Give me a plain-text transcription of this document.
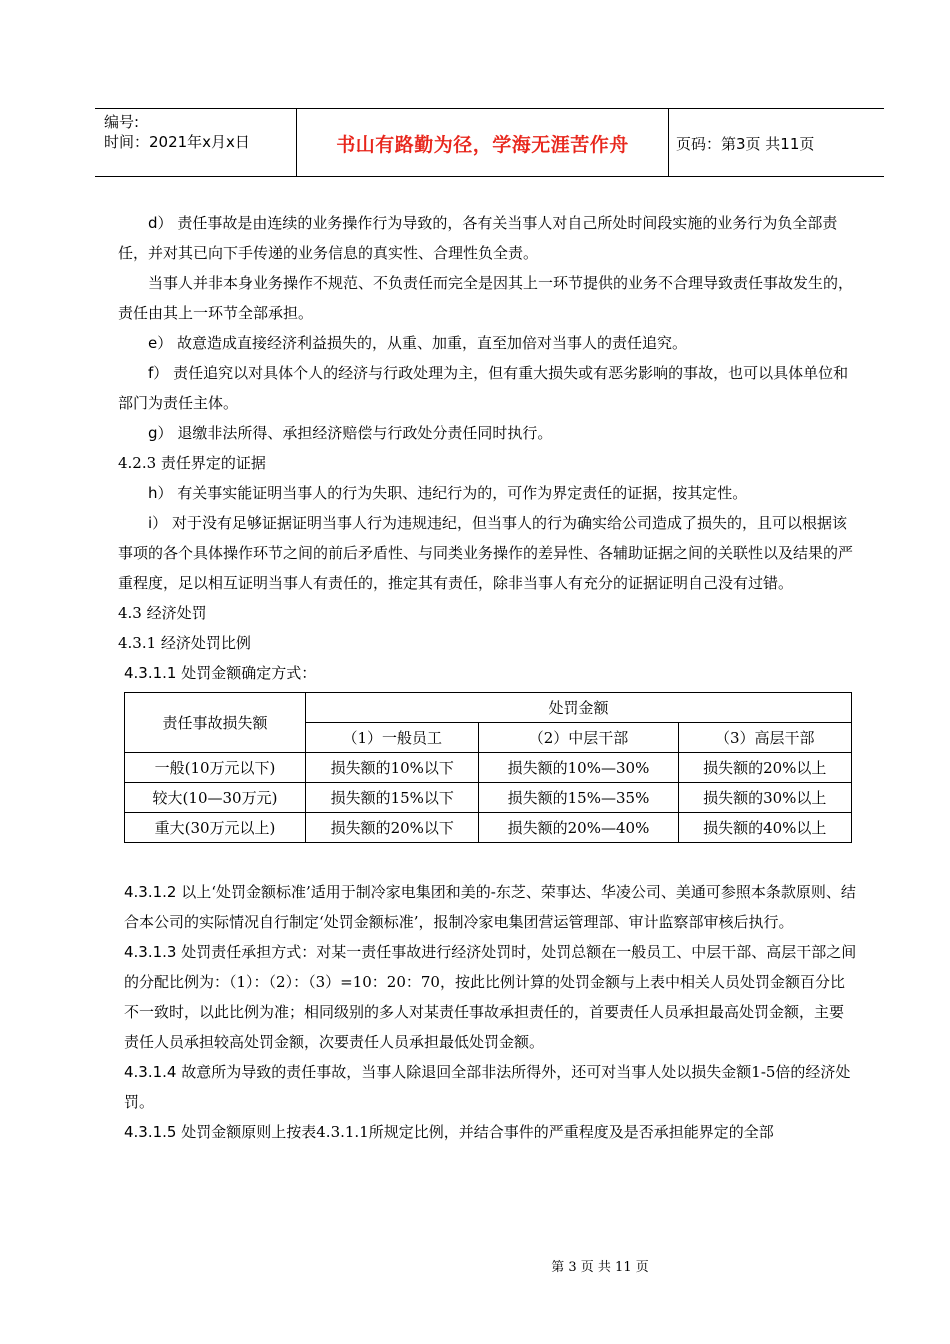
编号:
时间：2021年x月x日	书山有路勤为径，学海无涯苦作舟	页码：第3页 共11页

d） 责任事故是由连续的业务操作行为导致的，各有关当事人对自己所处时间段实施的业务行为负全部责任，并对其已向下手传递的业务信息的真实性、合理性负全责。

当事人并非本身业务操作不规范、不负责任而完全是因其上一环节提供的业务不合理导致责任事故发生的，责任由其上一环节全部承担。

e） 故意造成直接经济利益损失的，从重、加重，直至加倍对当事人的责任追究。

f） 责任追究以对具体个人的经济与行政处理为主，但有重大损失或有恶劣影响的事故，也可以具体单位和部门为责任主体。

g） 退缴非法所得、承担经济赔偿与行政处分责任同时执行。

4.2.3 责任界定的证据

h） 有关事实能证明当事人的行为失职、违纪行为的，可作为界定责任的证据，按其定性。

i） 对于没有足够证据证明当事人行为违规违纪，但当事人的行为确实给公司造成了损失的，且可以根据该事项的各个具体操作环节之间的前后矛盾性、与同类业务操作的差异性、各辅助证据之间的关联性以及结果的严重程度，足以相互证明当事人有责任的，推定其有责任，除非当事人有充分的证据证明自己没有过错。

4.3 经济处罚

4.3.1 经济处罚比例

4.3.1.1 处罚金额确定方式：

责任事故损失额	处罚金额		
	（1）一般员工	（2）中层干部	（3）高层干部
一般(10万元以下)	损失额的10%以下	损失额的10%—30%	损失额的20%以上
较大(10—30万元)	损失额的15%以下	损失额的15%—35%	损失额的30%以上
重大(30万元以上)	损失额的20%以下	损失额的20%—40%	损失额的40%以上

4.3.1.2 以上‘处罚金额标准’适用于制冷家电集团和美的-东芝、荣事达、华凌公司、美通可参照本条款原则、结合本公司的实际情况自行制定‘处罚金额标准’，报制冷家电集团营运管理部、审计监察部审核后执行。

4.3.1.3 处罚责任承担方式：对某一责任事故进行经济处罚时，处罚总额在一般员工、中层干部、高层干部之间的分配比例为：（1）：（2）：（3）=10：20：70，按此比例计算的处罚金额与上表中相关人员处罚金额百分比不一致时，以此比例为准；相同级别的多人对某责任事故承担责任的，首要责任人员承担最高处罚金额，主要责任人员承担较高处罚金额，次要责任人员承担最低处罚金额。

4.3.1.4 故意所为导致的责任事故，当事人除退回全部非法所得外，还可对当事人处以损失金额1-5倍的经济处罚。

4.3.1.5 处罚金额原则上按表4.3.1.1所规定比例，并结合事件的严重程度及是否承担能界定的全部

第 3 页 共 11 页
